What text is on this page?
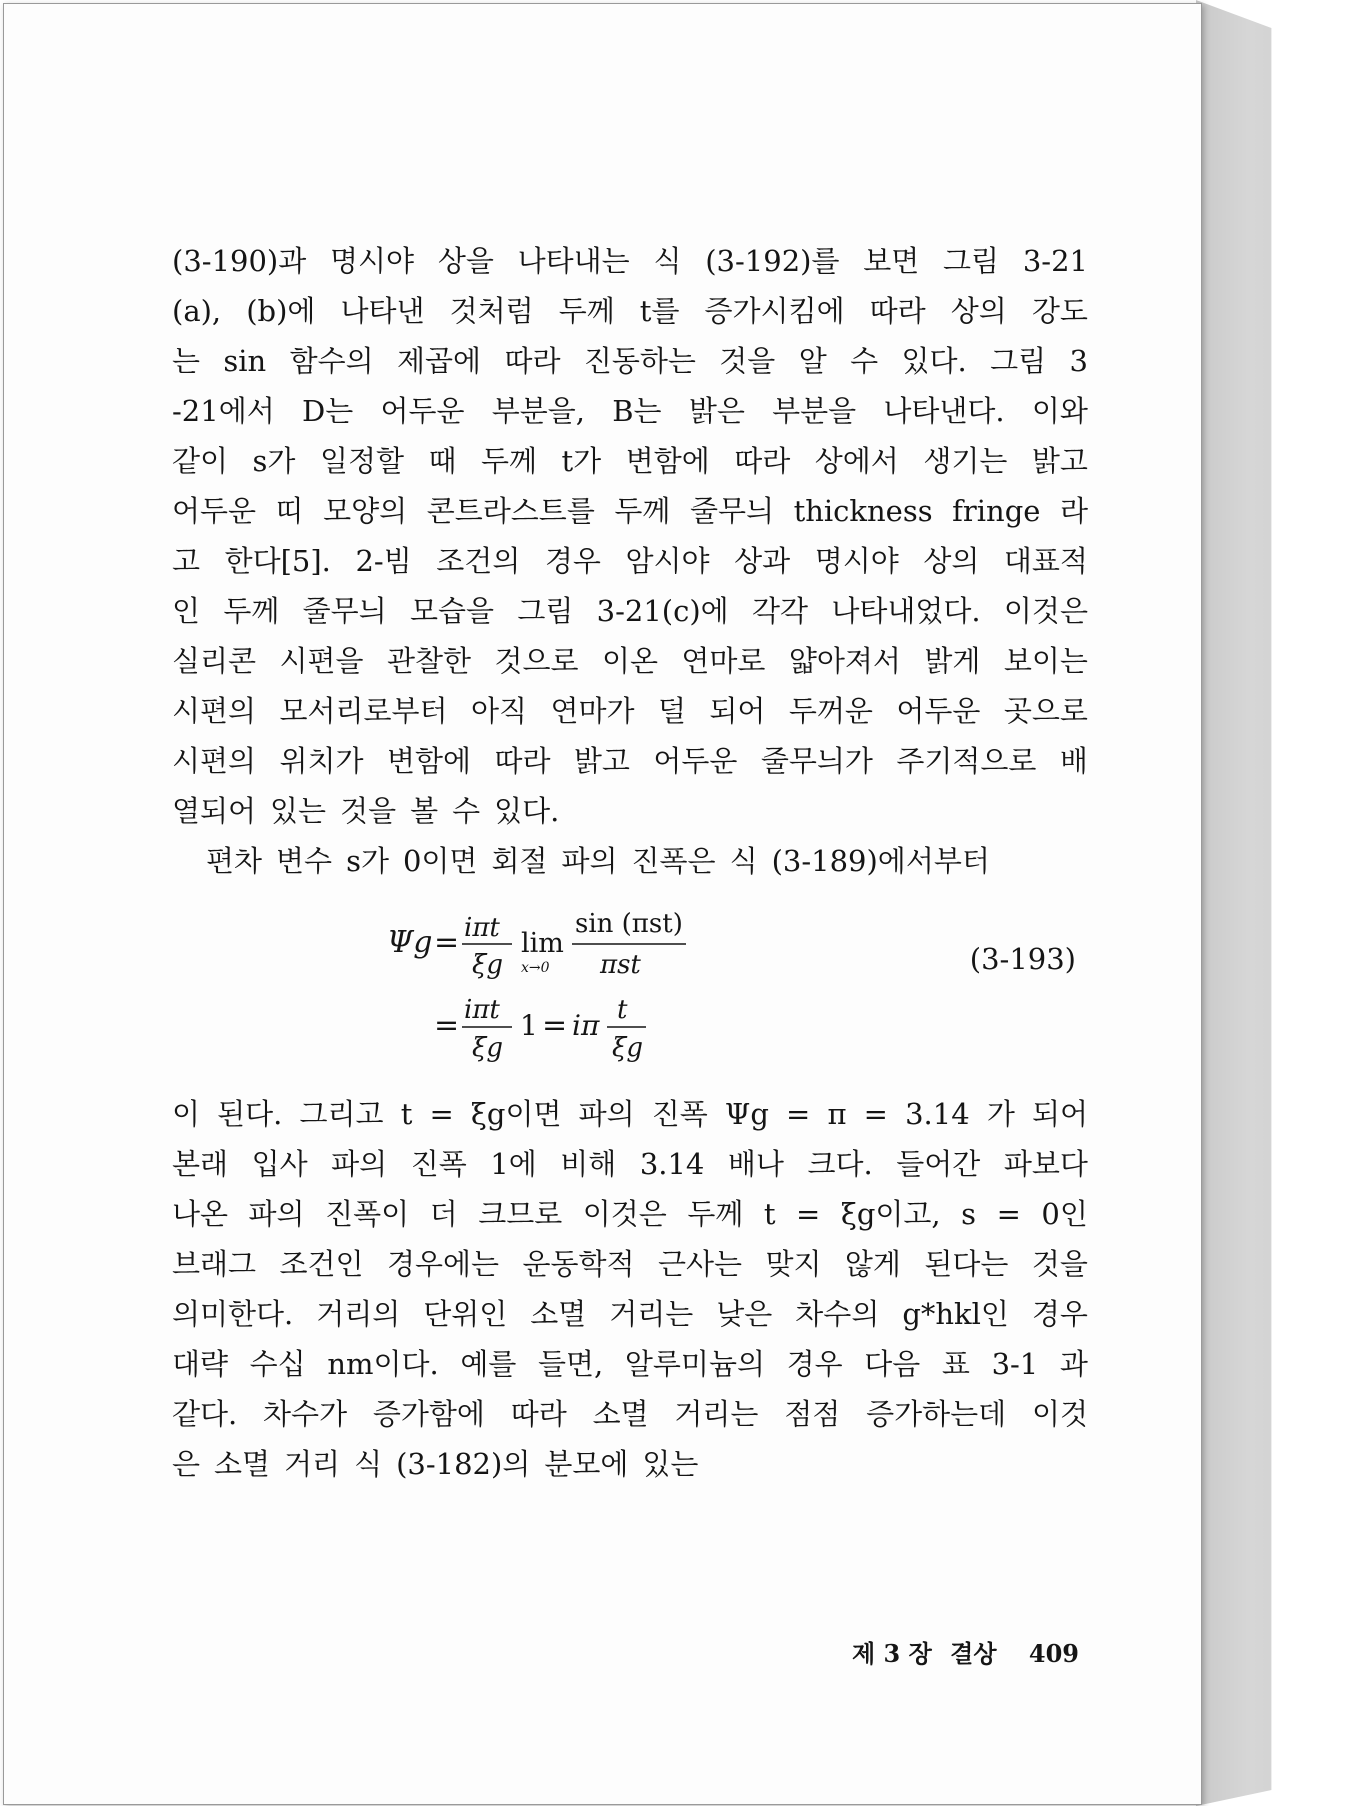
(3-190)과 명시야 상을 나타내는 식 (3-192)를 보면 그림 3-21
(a), (b)에 나타낸 것처럼 두께 t를 증가시킴에 따라 상의 강도
는 sin 함수의 제곱에 따라 진동하는 것을 알 수 있다. 그림 3
-21에서 D는 어두운 부분을, B는 밝은 부분을 나타낸다. 이와
같이 s가 일정할 때 두께 t가 변함에 따라 상에서 생기는 밝고
어두운 띠 모양의 콘트라스트를 두께 줄무늬 thickness fringe 라
고 한다[5]. 2-빔 조건의 경우 암시야 상과 명시야 상의 대표적
인 두께 줄무늬 모습을 그림 3-21(c)에 각각 나타내었다. 이것은
실리콘 시편을 관찰한 것으로 이온 연마로 얇아져서 밝게 보이는
시편의 모서리로부터 아직 연마가 덜 되어 두꺼운 어두운 곳으로
시편의 위치가 변함에 따라 밝고 어두운 줄무늬가 주기적으로 배
열되어 있는 것을 볼 수 있다.
편차 변수 s가 0이면 회절 파의 진폭은 식 (3-189)에서부터
Ψg = iπt
ξg
lim
x→0
sin (πst)
πst
= iπt
ξg
1 = iπ t
ξg
(3-193)
이 된다. 그리고 t = ξg이면 파의 진폭 Ψg = π = 3.14 가 되어
본래 입사 파의 진폭 1에 비해 3.14 배나 크다. 들어간 파보다
나온 파의 진폭이 더 크므로 이것은 두께 t = ξg이고, s = 0인
브래그 조건인 경우에는 운동학적 근사는 맞지 않게 된다는 것을
의미한다. 거리의 단위인 소멸 거리는 낮은 차수의 g*hkl인 경우
대략 수십 nm이다. 예를 들면, 알루미늄의 경우 다음 표 3-1 과
같다. 차수가 증가함에 따라 소멸 거리는 점점 증가하는데 이것
은 소멸 거리 식 (3-182)의 분모에 있는
제 3 장 결상 409
